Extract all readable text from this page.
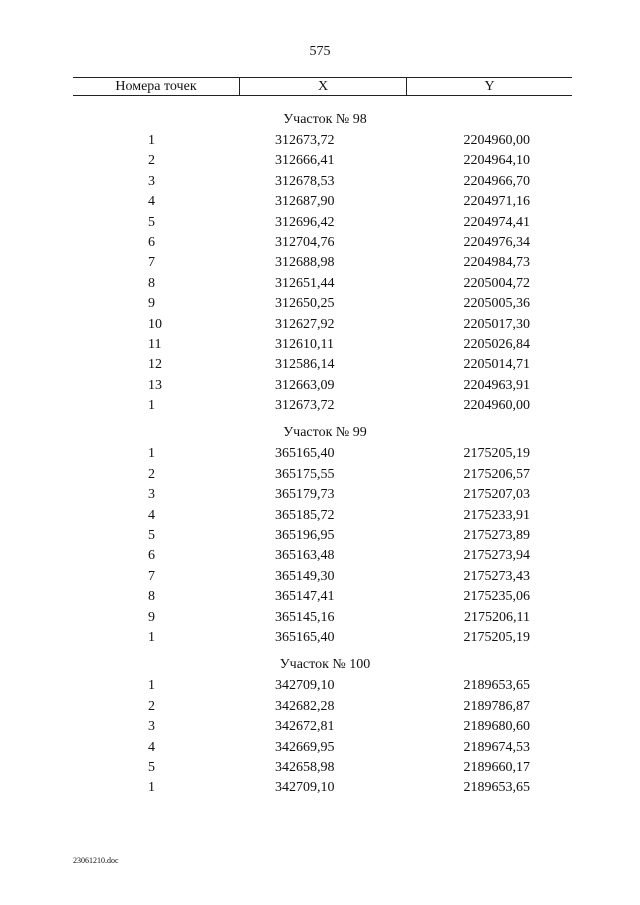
575
Номера точек	X	Y
Участок № 98
1	312673,72	2204960,00
2	312666,41	2204964,10
3	312678,53	2204966,70
4	312687,90	2204971,16
5	312696,42	2204974,41
6	312704,76	2204976,34
7	312688,98	2204984,73
8	312651,44	2205004,72
9	312650,25	2205005,36
10	312627,92	2205017,30
11	312610,11	2205026,84
12	312586,14	2205014,71
13	312663,09	2204963,91
1	312673,72	2204960,00
Участок № 99
1	365165,40	2175205,19
2	365175,55	2175206,57
3	365179,73	2175207,03
4	365185,72	2175233,91
5	365196,95	2175273,89
6	365163,48	2175273,94
7	365149,30	2175273,43
8	365147,41	2175235,06
9	365145,16	2175206,11
1	365165,40	2175205,19
Участок № 100
1	342709,10	2189653,65
2	342682,28	2189786,87
3	342672,81	2189680,60
4	342669,95	2189674,53
5	342658,98	2189660,17
1	342709,10	2189653,65
23061210.doc
